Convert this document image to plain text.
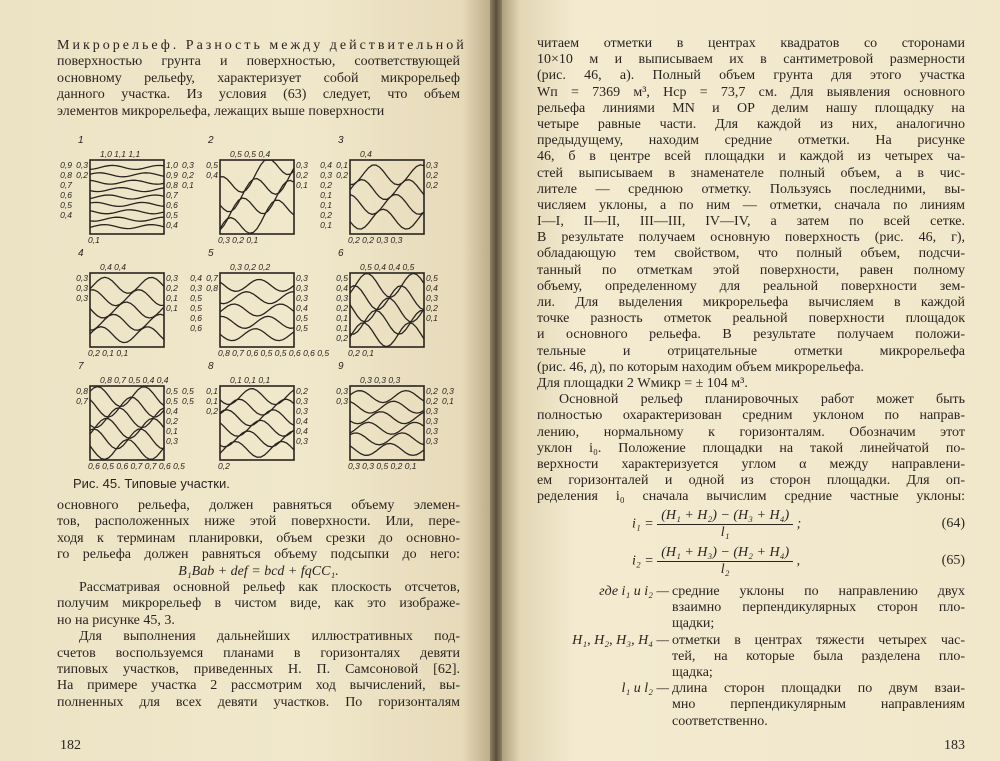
Микрорельеф. Разность между действительной
поверхностью грунта и поверхностью, соответствующей
основному рельефу, характеризует собой микрорельеф
данного участка. Из условия (63) следует, что объем
элементов микрорельефа, лежащих выше поверхности
1
1,0 1,1 1,1
0,1
0,9 0,8 0,7 0,6 0,5 0,4 0,3 0,2
1,0 0,9 0,8 0,7 0,6 0,5 0,4 0,3 0,2 0,1
4
0,4 0,4
0,2 0,1 0,1
0,3 0,3 0,3
0,3 0,2 0,1 0,1
7
0,8 0,7 0,5 0,4 0,4
0,6 0,5 0,6 0,7 0,7 0,6 0,5
0,8 0,7
0,5 0,5 0,4 0,2 0,1 0,3 0,5 0,5
2
0,5 0,5 0,4
0,3 0,2 0,1
0,5 0,4
0,3 0,2 0,1
5
0,3 0,2 0,2
0,8 0,7 0,6 0,5 0,5 0,6 0,6 0,5
0,4 0,3 0,5 0,5 0,6 0,6 0,7 0,8
0,3 0,3 0,3 0,4 0,5 0,5
8
0,1 0,1 0,1
0,2
0,1 0,1 0,2
0,2 0,3 0,3 0,4 0,4 0,3
3
0,4
0,2 0,2 0,3 0,3
0,4 0,3 0,2 0,1 0,1 0,2 0,1 0,1 0,2
0,3 0,2 0,2
6
0,5 0,4 0,4 0,5
0,2 0,1
0,5 0,4 0,3 0,2 0,1 0,1 0,2
0,5 0,4 0,3 0,2 0,1
9
0,3 0,3 0,3
0,3 0,3 0,5 0,2 0,1
0,3 0,3
0,2 0,2 0,3 0,3 0,3 0,3 0,3 0,1
Рис. 45. Типовые участки.
основного рельефа, должен равняться объему элемен-
тов, расположенных ниже этой поверхности. Или, пере-
ходя к терминам планировки, объем срезки до основно-
го рельефа должен равняться объему подсыпки до него:
B₁Bab + def = bcd + fqCC₁.
Рассматривая основной рельеф как плоскость отсчетов,
получим микрорельеф в чистом виде, как это изображе-
но на рисунке 45, 3.
Для выполнения дальнейших иллюстративных под-
счетов воспользуемся планами в горизонталях девяти
типовых участков, приведенных Н. П. Самсоновой [62].
На примере участка 2 рассмотрим ход вычислений, вы-
полненных для всех девяти участков. По горизонталям
182
читаем отметки в центрах квадратов со сторонами
10×10 м и выписываем их в сантиметровой размерности
(рис. 46, а). Полный объем грунта для этого участка
Wп = 7369 м³, Hср = 73,7 см. Для выявления основного
рельефа линиями MN и OP делим нашу площадку на
четыре равные части. Для каждой из них, аналогично
предыдущему, находим средние отметки. На рисунке
46, б в центре всей площадки и каждой из четырех ча-
стей выписываем в знаменателе полный объем, а в чис-
лителе — среднюю отметку. Пользуясь последними, вы-
числяем уклоны, а по ним — отметки, сначала по линиям
I—I, II—II, III—III, IV—IV, а затем по всей сетке.
В результате получаем основную поверхность (рис. 46, г),
обладающую тем свойством, что полный объем, подсчи-
танный по отметкам этой поверхности, равен полному
объему, определенному для реальной поверхности зем-
ли. Для выделения микрорельефа вычисляем в каждой
точке разность отметок реальной поверхности площадок
и основного рельефа. В результате получаем положи-
тельные и отрицательные отметки микрорельефа
(рис. 46, д), по которым находим объем микрорельефа.
Для площадки 2 Wмикр = ± 104 м³.
Основной рельеф планировочных работ может быть
полностью охарактеризован средним уклоном по направ-
лению, нормальному к горизонталям. Обозначим этот
уклон i₀. Положение площадки на такой линейчатой по-
верхности характеризуется углом α между направлени-
ем горизонталей и одной из сторон площадки. Для оп-
ределения i₀ сначала вычислим средние частные уклоны:
$i_1 = \frac{\text{(H₁ + H₂) − (H₃ + H₄)}}{\text{l₁}}$ ;	(64)
$i_2 = \frac{\text{(H₁ + H₃) − (H₂ + H₄)}}{\text{l₂}}$ ,	(65)
где i₁ и i₂ — средние уклоны по направлению двух
взаимно перпендикулярных сторон пло-
щадки;
H₁, H₂, H₃, H₄ — отметки в центрах тяжести четырех час-
тей, на которые была разделена пло-
щадка;
l₁ и l₂ — длина сторон площадки по двум взаи-
мно перпендикулярным направлениям
соответственно.
183
